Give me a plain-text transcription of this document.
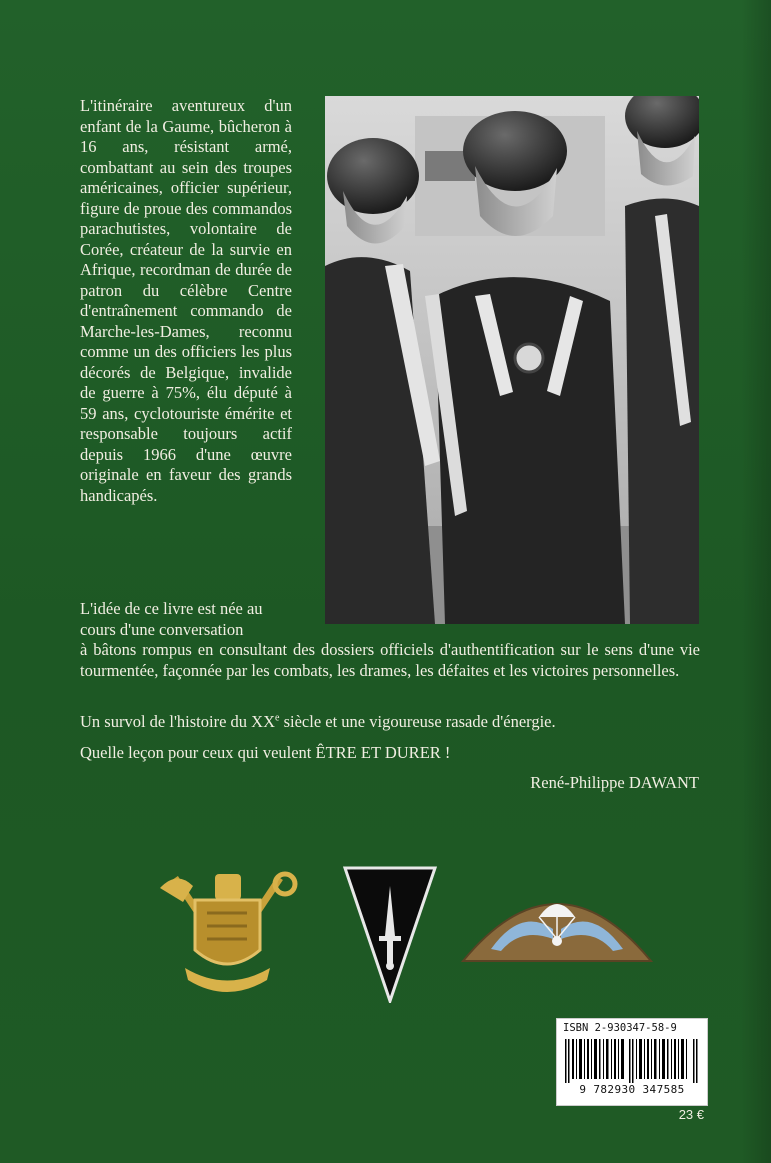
L'itinéraire aventureux d'un enfant de la Gaume, bûcheron à 16 ans, résistant armé, combattant au sein des troupes américaines, officier supérieur, figure de proue des commandos parachutistes, volontaire de Corée, créateur de la survie en Afrique, recordman de durée de patron du célèbre Centre d'entraînement commando de Marche-les-Dames, reconnu comme un des officiers les plus décorés de Belgique, invalide de guerre à 75%, élu député à 59 ans, cyclotouriste émérite et responsable toujours actif depuis 1966 d'une œuvre originale en faveur des grands handicapés.

L'idée de ce livre est née au
cours d'une conversation
à bâtons rompus en consultant des dossiers officiels d'authentification sur le sens d'une vie tourmentée, façonnée par les combats, les drames, les défaites et les victoires personnelles.

Un survol de l'histoire du XXe siècle et une vigoureuse rasade d'énergie.

Quelle leçon pour ceux qui veulent ÊTRE ET DURER !

René-Philippe DAWANT

ISBN 2-930347-58-9
9 782930 347585
23 €
